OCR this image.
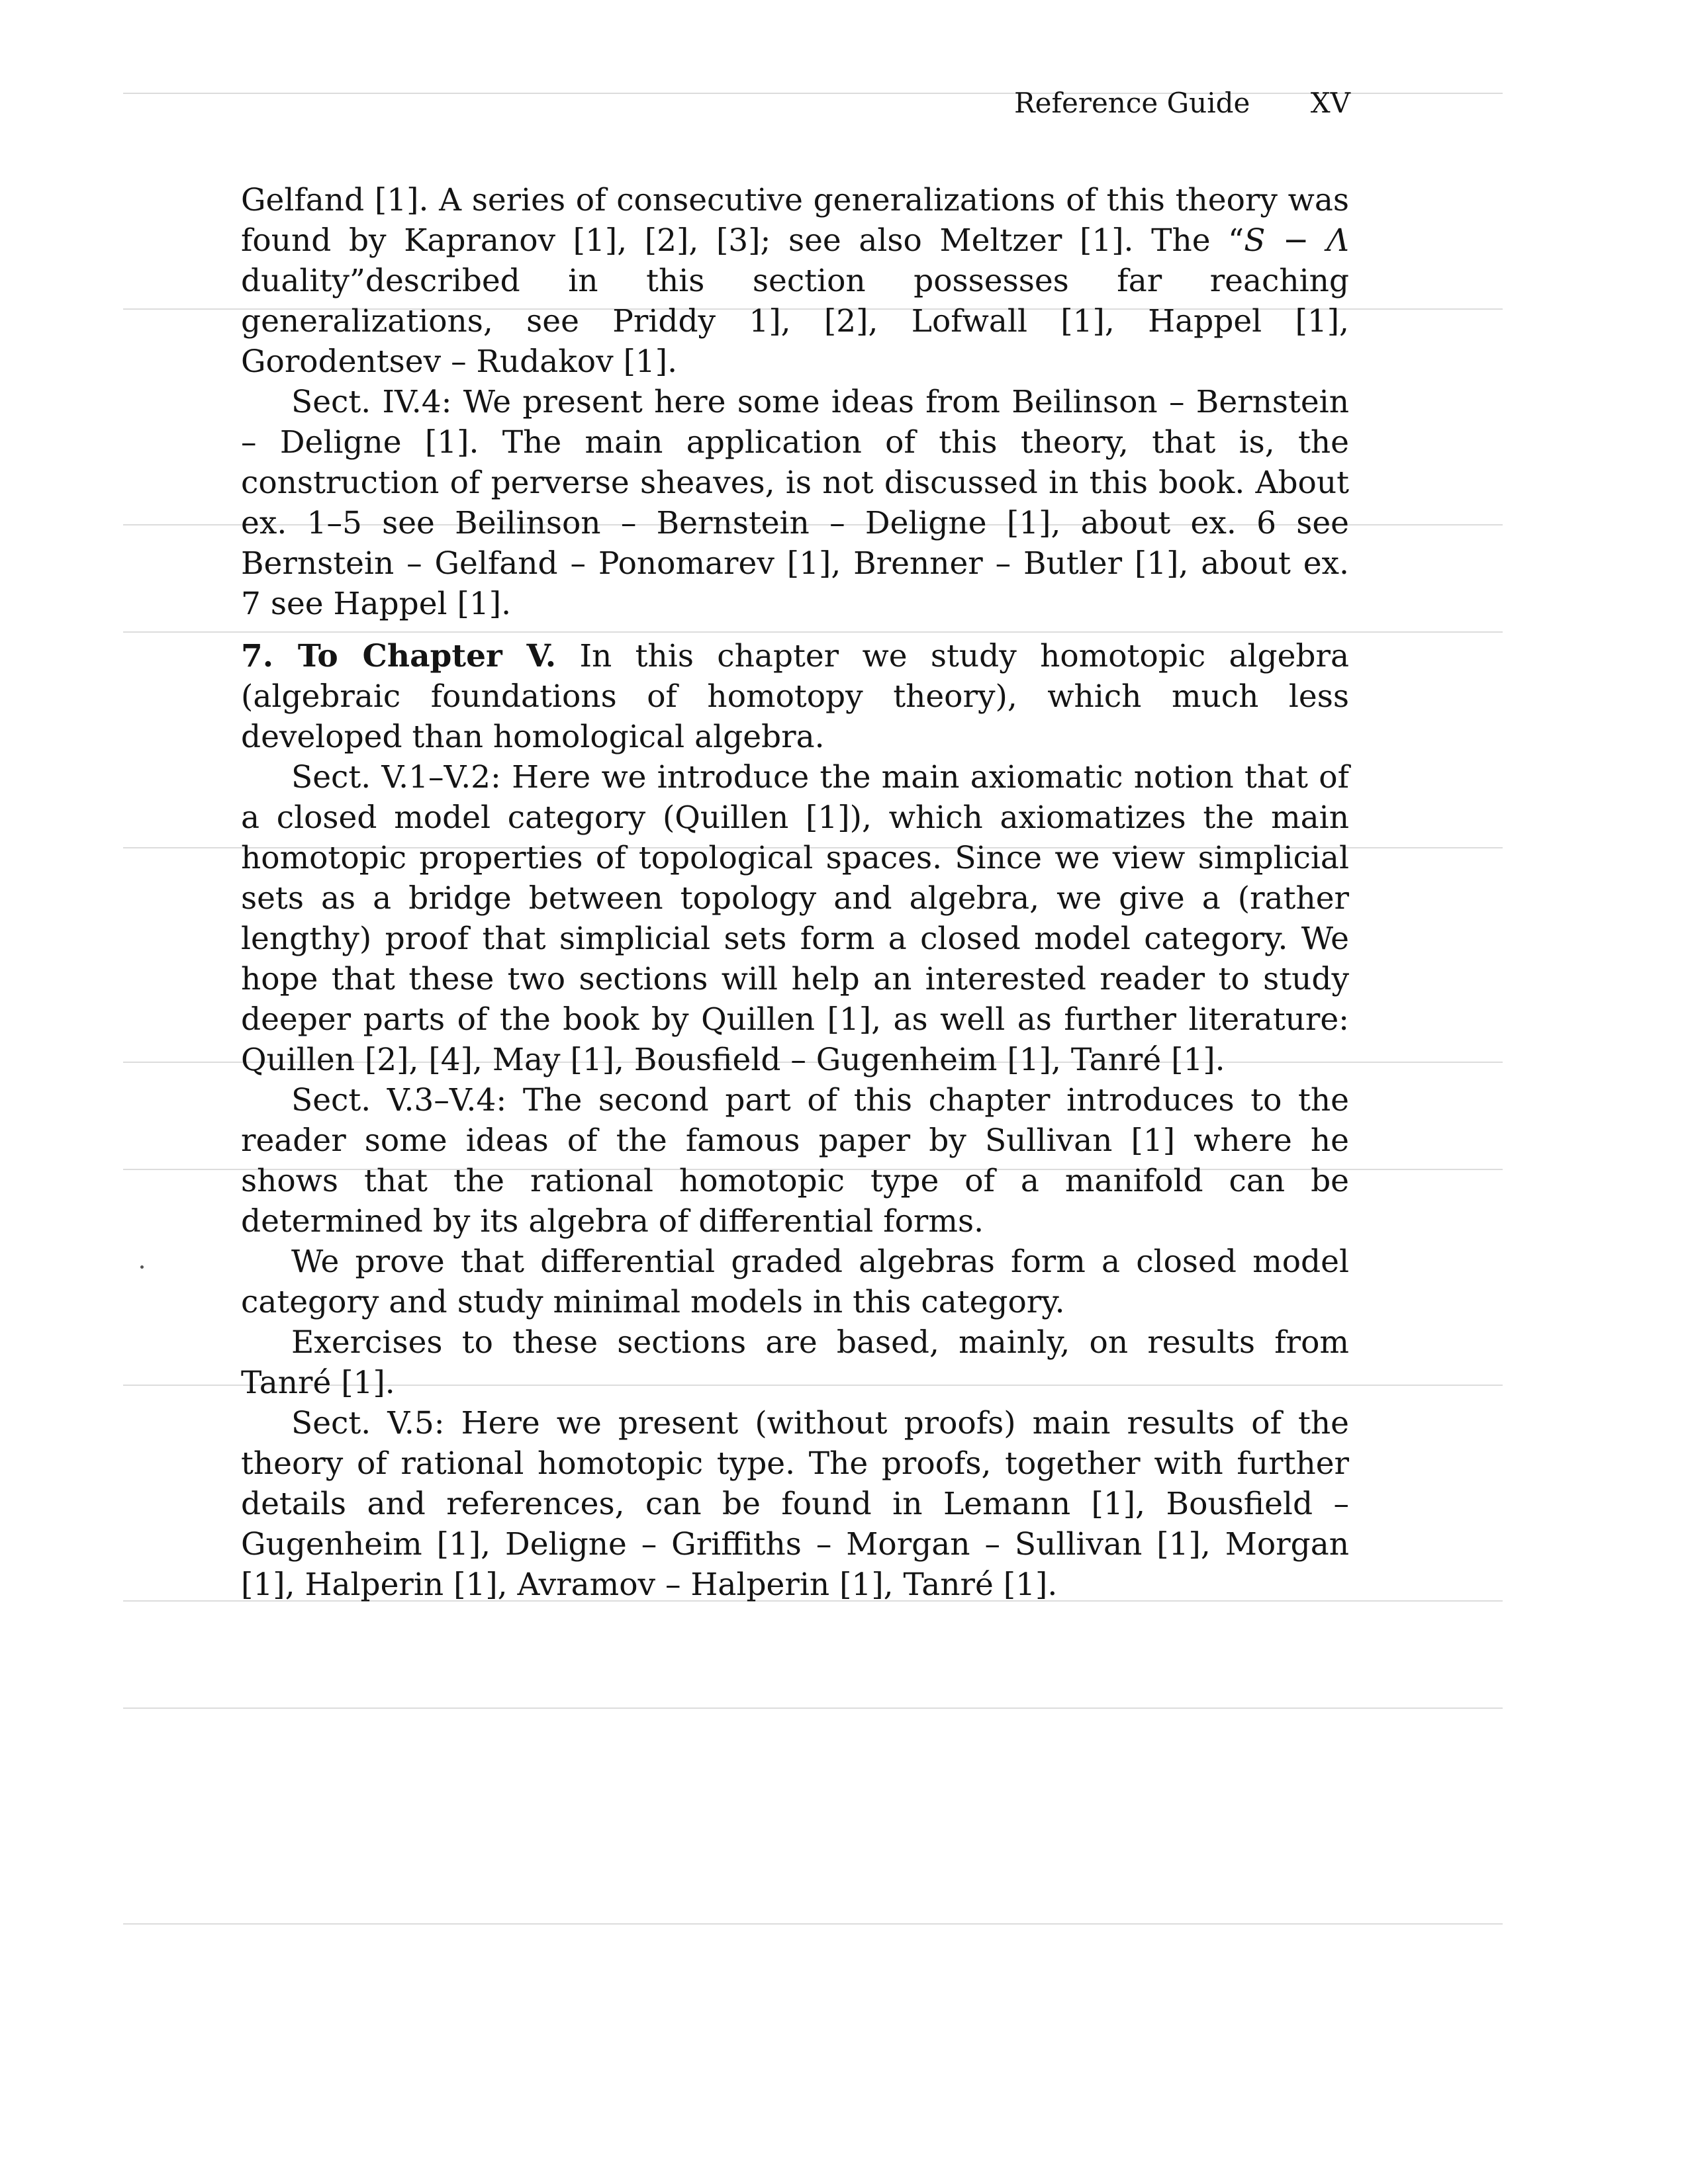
Reference Guide XV

Gelfand [1]. A series of consecutive generalizations of this theory was found by Kapranov [1], [2], [3]; see also Meltzer [1]. The “S − Λ duality”described in this section possesses far reaching generalizations, see Priddy 1], [2], Lofwall [1], Happel [1], Gorodentsev – Rudakov [1].

Sect. IV.4: We present here some ideas from Beilinson – Bernstein – Deligne [1]. The main application of this theory, that is, the construction of perverse sheaves, is not discussed in this book. About ex. 1–5 see Beilinson – Bernstein – Deligne [1], about ex. 6 see Bernstein – Gelfand – Ponomarev [1], Brenner – Butler [1], about ex. 7 see Happel [1].

7. To Chapter V. In this chapter we study homotopic algebra (algebraic foundations of homotopy theory), which much less developed than homological algebra.

Sect. V.1–V.2: Here we introduce the main axiomatic notion that of a closed model category (Quillen [1]), which axiomatizes the main homotopic properties of topological spaces. Since we view simplicial sets as a bridge between topology and algebra, we give a (rather lengthy) proof that simplicial sets form a closed model category. We hope that these two sections will help an interested reader to study deeper parts of the book by Quillen [1], as well as further literature: Quillen [2], [4], May [1], Bousfield – Gugenheim [1], Tanré [1].

Sect. V.3–V.4: The second part of this chapter introduces to the reader some ideas of the famous paper by Sullivan [1] where he shows that the rational homotopic type of a manifold can be determined by its algebra of differential forms.

We prove that differential graded algebras form a closed model category and study minimal models in this category.

Exercises to these sections are based, mainly, on results from Tanré [1].

Sect. V.5: Here we present (without proofs) main results of the theory of rational homotopic type. The proofs, together with further details and references, can be found in Lemann [1], Bousfield – Gugenheim [1], Deligne – Griffiths – Morgan – Sullivan [1], Morgan [1], Halperin [1], Avramov – Halperin [1], Tanré [1].
